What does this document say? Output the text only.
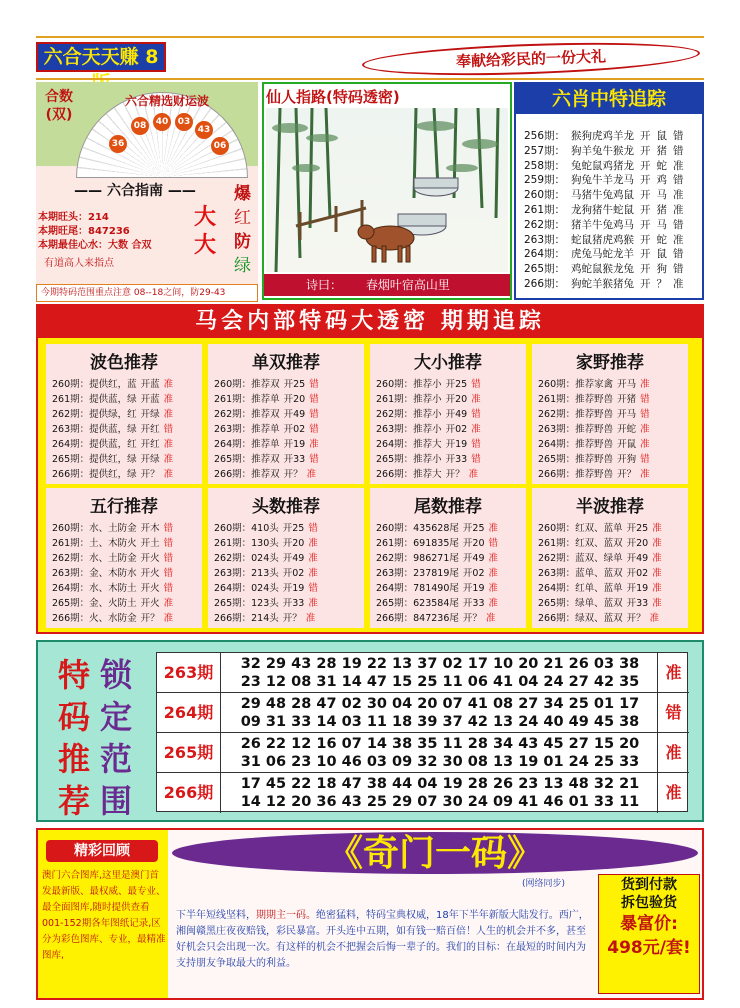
六合天天赚 8	奉献给彩民的一份大礼
36
08	40	03
43
06
六合精选财运波
合数(双)
—— 六合指南 ——
本期旺头：214
本期旺尾：847236
本期最佳心水：大数 合双
大
大
有道高人来指点
爆
红
防
绿
今期特码范围重点注意 08--18之间，防29-43
仙人指路(特码透密)
诗曰： 春烟叶宿高山里
六肖中特追踪
256期： 猴狗虎鸡羊龙 开 鼠 错
257期： 狗羊兔牛猴龙 开 猪 错
258期： 兔蛇鼠鸡猪龙 开 蛇 准
259期： 狗兔牛羊龙马 开 鸡 错
260期： 马猪牛兔鸡鼠 开 马 准
261期： 龙狗猪牛蛇鼠 开 猪 准
262期： 猪羊牛兔鸡马 开 马 错
263期： 蛇鼠猪虎鸡猴 开 蛇 准
264期： 虎兔马蛇龙羊 开 鼠 错
265期： 鸡蛇鼠猴龙兔 开 狗 错
266期： 狗蛇羊猴猪兔 开 ？ 准
马会内部特码大透密 期期追踪
波色推荐
260期：提供红，蓝 开蓝 准
261期：提供蓝，绿 开蓝 准
262期：提供绿，红 开绿 准
263期：提供蓝，绿 开红 错
264期：提供蓝，红 开红 准
265期：提供红，绿 开绿 准
266期：提供红，绿 开？ 准
单双推荐
260期：推荐双 开25 错
261期：推荐单 开20 错
262期：推荐双 开49 错
263期：推荐单 开02 错
264期：推荐单 开19 准
265期：推荐双 开33 错
266期：推荐双 开？ 准
大小推荐
260期：推荐小 开25 错
261期：推荐小 开20 准
262期：推荐小 开49 错
263期：推荐小 开02 准
264期：推荐大 开19 错
265期：推荐小 开33 错
266期：推荐大 开？ 准
家野推荐
260期：推荐家禽 开马 准
261期：推荐野兽 开猪 错
262期：推荐野兽 开马 错
263期：推荐野兽 开蛇 准
264期：推荐野兽 开鼠 准
265期：推荐野兽 开狗 错
266期：推荐野兽 开？ 准
五行推荐
260期：水、土防金 开木 错
261期：土、木防火 开土 错
262期：水、土防金 开火 错
263期：金、木防水 开火 错
264期：水、木防土 开火 错
265期：金、火防土 开火 准
266期：火、水防金 开？ 准
头数推荐
260期：410头 开25 错
261期：130头 开20 准
262期：024头 开49 准
263期：213头 开02 准
264期：024头 开19 错
265期：123头 开33 准
266期：214头 开？ 准
尾数推荐
260期：435628尾 开25 准
261期：691835尾 开20 错
262期：986271尾 开49 准
263期：237819尾 开02 准
264期：781490尾 开19 准
265期：623584尾 开33 准
266期：847236尾 开？ 准
半波推荐
260期：红双、蓝单 开25 准
261期：红双、蓝双 开20 准
262期：蓝双、绿单 开49 准
263期：蓝单、蓝双 开02 准
264期：红单、蓝单 开19 准
265期：绿单、蓝双 开33 准
266期：绿双、蓝双 开？ 准
特
码
推
荐
锁
定
范
围
263期	32 29 43 28 19 22 13 37 02 17 10 20 21 26 03 38
23 12 08 31 14 47 15 25 11 06 41 04 24 27 42 35	准
264期	29 48 28 47 02 30 04 20 07 41 08 27 34 25 01 17
09 31 33 14 03 11 18 39 37 42 13 24 40 49 45 38	错
265期	26 22 12 16 07 14 38 35 11 28 34 43 45 27 15 20
31 06 23 10 46 03 09 32 30 08 13 19 01 24 25 33	准
266期	17 45 22 18 47 38 44 04 19 28 26 23 13 48 32 21
14 12 20 36 43 25 29 07 30 24 09 41 46 01 33 11	准
精彩回顾
澳门六合图库,这里是澳门首发最新版、最权威、最专业、最全面图库,随时提供查看001-152期各年图纸记录,区分为彩色图库、专业，最精准图库,
《奇门一码》
(网络同步)
下半年短线坚料，期期主一码。绝密猛料，特码宝典权威，18年下半年新版大陆发行。西广，湘闽赣黑庄夜夜赔钱，彩民暴富。开头连中五期，如有钱一赔百倍！人生的机会并不多，甚至好机会只会出现一次。有这样的机会不把握会后悔一辈子的。我们的目标：在最短的时间内为支持朋友争取最大的利益。
货到付款
拆包验货
暴富价:
498元/套!
